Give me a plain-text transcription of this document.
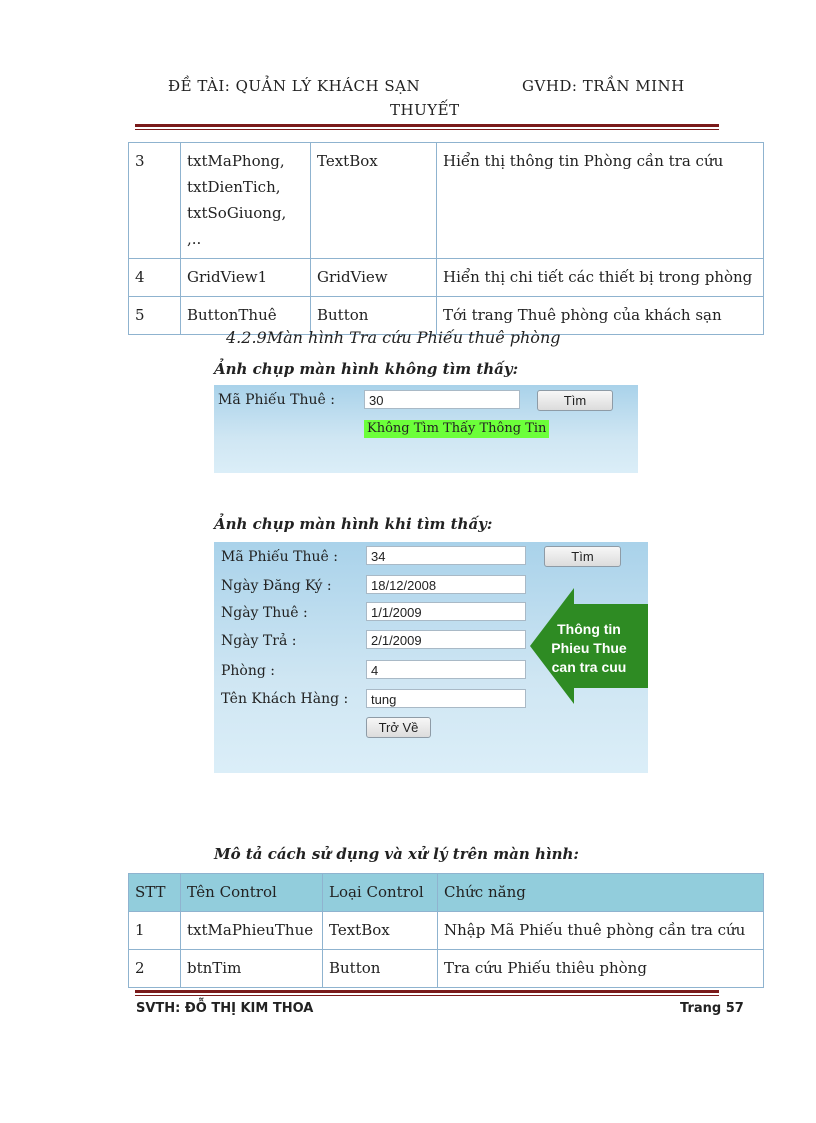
ĐỀ TÀI: QUẢN LÝ KHÁCH SẠN	GVHD: TRẦN MINH
THUYẾT
3	txtMaPhong,
txtDienTich,
txtSoGiuong, ,..	TextBox	Hiển thị thông tin Phòng cần tra cứu
4	GridView1	GridView	Hiển thị chi tiết các thiết bị trong phòng
5	ButtonThuê	Button	Tới trang Thuê phòng của khách sạn
4.2.9Màn hình Tra cứu Phiếu thuê phòng
Ảnh chụp màn hình không tìm thấy:
Mã Phiếu Thuê :	30	Tìm
Không Tìm Thấy Thông Tin
Ảnh chụp màn hình khi tìm thấy:
Mã Phiếu Thuê :	34	Tìm
Ngày Đăng Ký :	18/12/2008
Ngày Thuê :	1/1/2009
Ngày Trả :	2/1/2009
Phòng :	4
Tên Khách Hàng :	tung
Trở Về
Thông tin
Phieu Thue
can tra cuu
Mô tả cách sử dụng và xử lý trên màn hình:
STT	Tên Control	Loại Control	Chức năng
1	txtMaPhieuThue	TextBox	Nhập Mã Phiếu thuê phòng cần tra cứu
2	btnTim	Button	Tra cứu Phiếu thiêu phòng
SVTH: ĐỖ THỊ KIM THOA	Trang 57
